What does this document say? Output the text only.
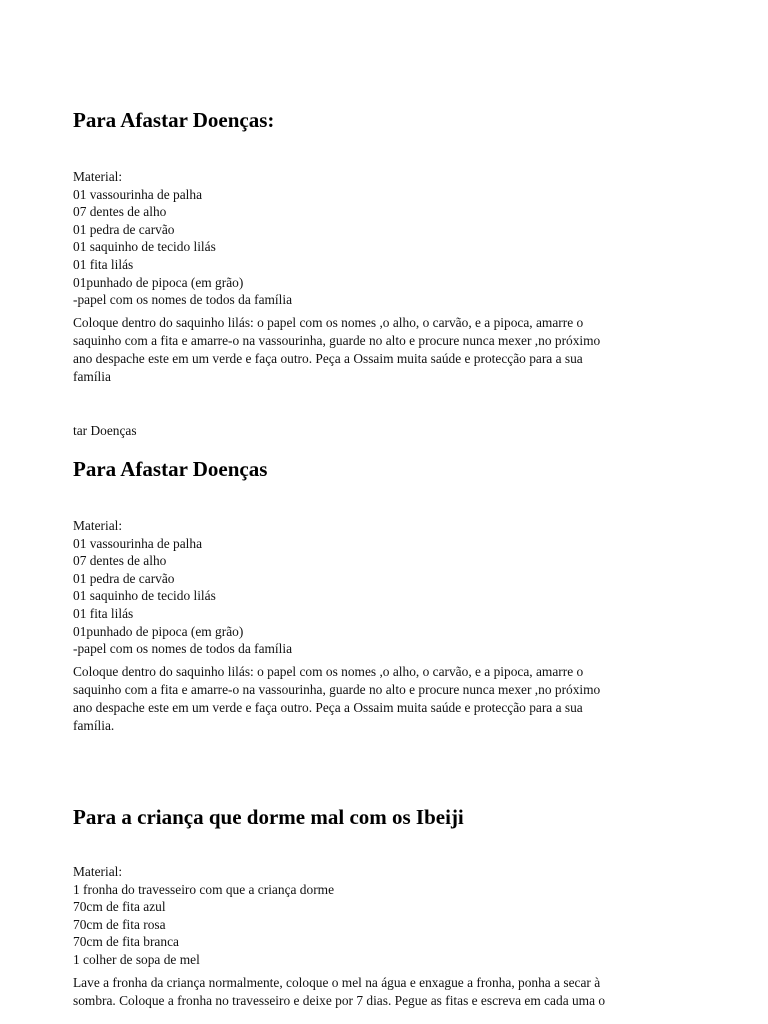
Para Afastar Doenças:
Material:
01 vassourinha de palha
07 dentes de alho
01 pedra de carvão
01 saquinho de tecido lilás
01 fita lilás
01punhado de pipoca (em grão)
-papel com os nomes de todos da família
Coloque dentro do saquinho lilás: o papel com os nomes ,o alho, o carvão, e a pipoca, amarre o
saquinho com a fita e amarre-o na vassourinha, guarde no alto e procure nunca mexer ,no próximo
ano despache este em um verde e faça outro. Peça a Ossaim muita saúde e protecção para a sua
família
tar Doenças
Para Afastar Doenças
Material:
01 vassourinha de palha
07 dentes de alho
01 pedra de carvão
01 saquinho de tecido lilás
01 fita lilás
01punhado de pipoca (em grão)
-papel com os nomes de todos da família
Coloque dentro do saquinho lilás: o papel com os nomes ,o alho, o carvão, e a pipoca, amarre o
saquinho com a fita e amarre-o na vassourinha, guarde no alto e procure nunca mexer ,no próximo
ano despache este em um verde e faça outro. Peça a Ossaim muita saúde e protecção para a sua
família.
Para a criança que dorme mal com os Ibeiji
Material:
1 fronha do travesseiro com que a criança dorme
70cm de fita azul
70cm de fita rosa
70cm de fita branca
1 colher de sopa de mel
Lave a fronha da criança normalmente, coloque o mel na água e enxague a fronha, ponha a secar à
sombra. Coloque a fronha no travesseiro e deixe por 7 dias. Pegue as fitas e escreva em cada uma o
